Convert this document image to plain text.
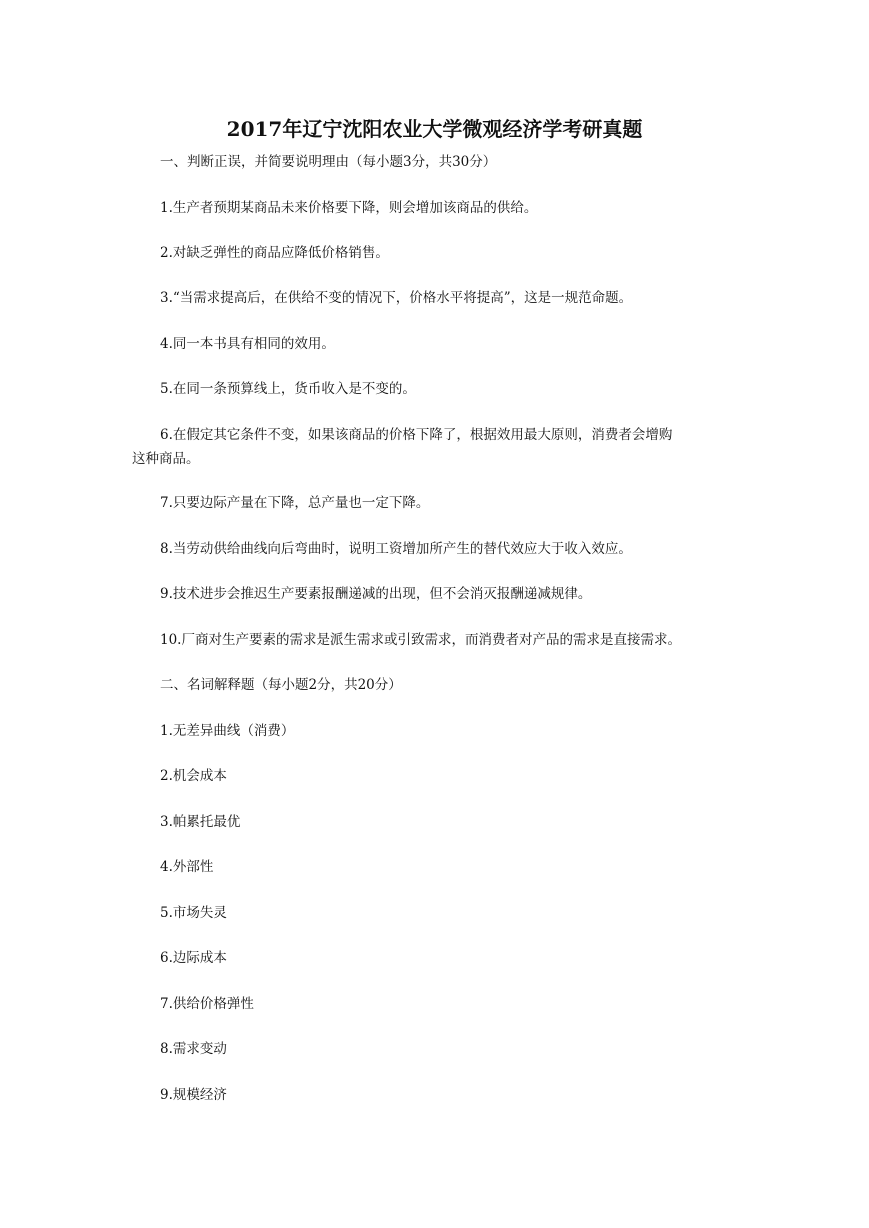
2017年辽宁沈阳农业大学微观经济学考研真题
一、判断正误，并简要说明理由（每小题3分，共30分）
1.生产者预期某商品未来价格要下降，则会增加该商品的供给。
2.对缺乏弹性的商品应降低价格销售。
3.“当需求提高后，在供给不变的情况下，价格水平将提高”，这是一规范命题。
4.同一本书具有相同的效用。
5.在同一条预算线上，货币收入是不变的。
6.在假定其它条件不变，如果该商品的价格下降了，根据效用最大原则，消费者会增购
这种商品。
7.只要边际产量在下降，总产量也一定下降。
8.当劳动供给曲线向后弯曲时，说明工资增加所产生的替代效应大于收入效应。
9.技术进步会推迟生产要素报酬递减的出现，但不会消灭报酬递减规律。
10.厂商对生产要素的需求是派生需求或引致需求，而消费者对产品的需求是直接需求。
二、名词解释题（每小题2分，共20分）
1.无差异曲线（消费）
2.机会成本
3.帕累托最优
4.外部性
5.市场失灵
6.边际成本
7.供给价格弹性
8.需求变动
9.规模经济
